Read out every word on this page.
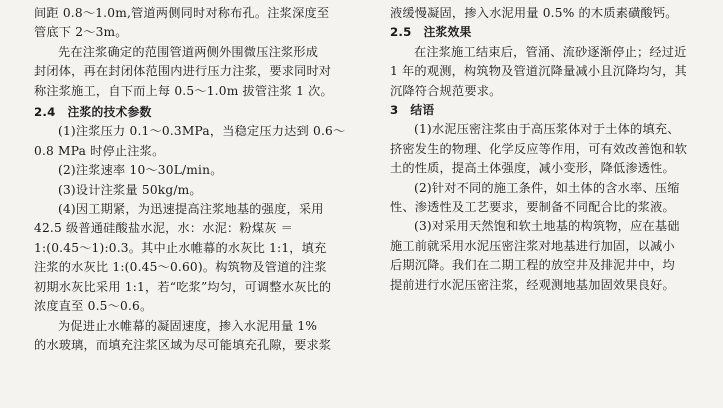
间距 0.8～1.0m,管道两侧同时对称布孔。注浆深度至
管底下 2～3m。
先在注浆确定的范围管道两侧外围微压注浆形成
封闭体，再在封闭体范围内进行压力注浆，要求同时对
称注浆施工，自下而上每 0.5～1.0m 拔管注浆 1 次。
2.4 注浆的技术参数
(1)注浆压力 0.1～0.3MPa，当稳定压力达到 0.6～
0.8 MPa 时停止注浆。
(2)注浆速率 10～30L/min。
(3)设计注浆量 50kg/m。
(4)因工期紧，为迅速提高注浆地基的强度，采用
42.5 级普通硅酸盐水泥，水：水泥：粉煤灰 ＝
1:(0.45～1):0.3。其中止水帷幕的水灰比 1:1，填充
注浆的水灰比 1:(0.45～0.60)。构筑物及管道的注浆
初期水灰比采用 1:1，若“吃浆”均匀，可调整水灰比的
浓度直至 0.5～0.6。
为促进止水帷幕的凝固速度，掺入水泥用量 1%
的水玻璃，而填充注浆区域为尽可能填充孔隙，要求浆
液缓慢凝固，掺入水泥用量 0.5% 的木质素磺酸钙。
2.5 注浆效果
在注浆施工结束后，管涌、流砂逐渐停止；经过近
1 年的观测，构筑物及管道沉降量减小且沉降均匀，其
沉降符合规范要求。
3 结语
(1)水泥压密注浆由于高压浆体对于土体的填充、
挤密发生的物理、化学反应等作用，可有效改善饱和软
土的性质，提高土体强度，减小变形，降低渗透性。
(2)针对不同的施工条件，如土体的含水率、压缩
性、渗透性及工艺要求，要制备不同配合比的浆液。
(3)对采用天然饱和软土地基的构筑物，应在基础
施工前就采用水泥压密注浆对地基进行加固，以减小
后期沉降。我们在二期工程的放空井及排泥井中，均
提前进行水泥压密注浆，经观测地基加固效果良好。
